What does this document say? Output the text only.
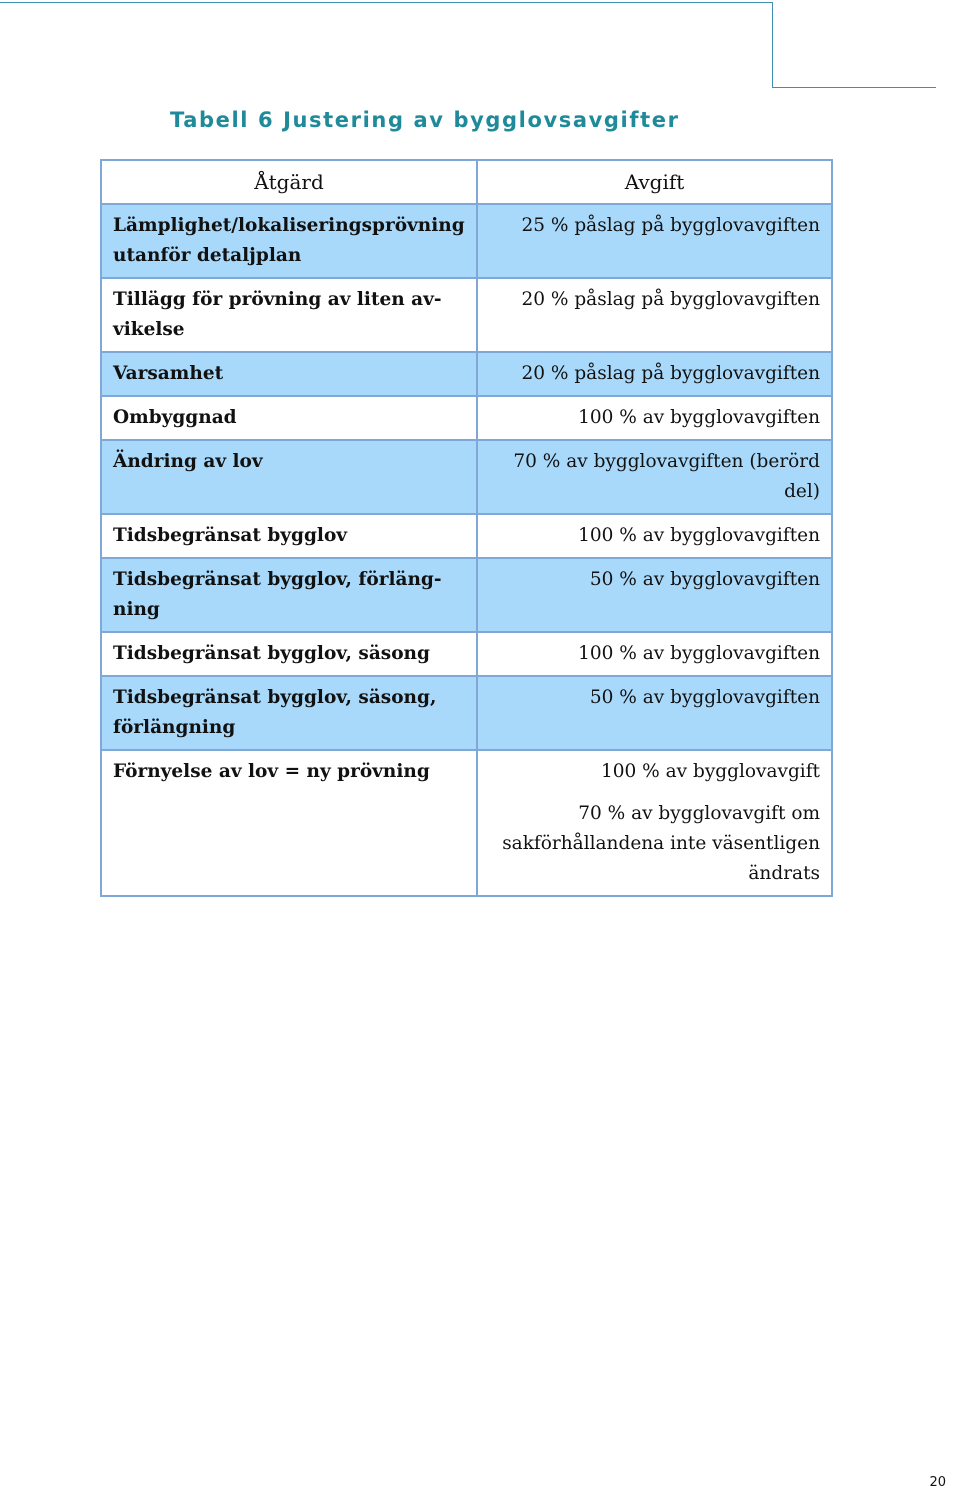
Tabell 6 Justering av bygglovsavgifter
Åtgärd	Avgift
Lämplighet/lokaliseringsprövning utanför detaljplan	25 % påslag på bygglovavgiften
Tillägg för prövning av liten av-
vikelse	20 % påslag på bygglovavgiften
Varsamhet	20 % påslag på bygglovavgiften
Ombyggnad	100 % av bygglovavgiften
Ändring av lov	70 % av bygglovavgiften (berörd del)
Tidsbegränsat bygglov	100 % av bygglovavgiften
Tidsbegränsat bygglov, förläng-
ning	50 % av bygglovavgiften
Tidsbegränsat bygglov, säsong	100 % av bygglovavgiften
Tidsbegränsat bygglov, säsong, förlängning	50 % av bygglovavgiften
Förnyelse av lov = ny prövning	100 % av bygglovavgift
70 % av bygglovavgift om sakförhållandena inte väsentligen ändrats
20
